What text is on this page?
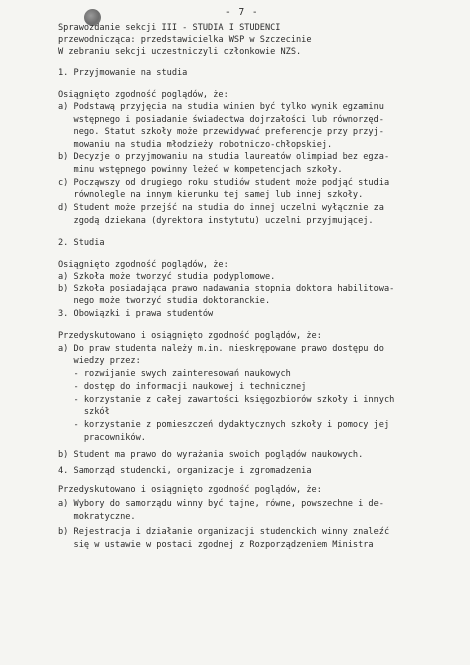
- 7 -
Sprawozdanie sekcji III - STUDIA I STUDENCI
przewodnicząca: przedstawicielka WSP w Szczecinie
W zebraniu sekcji uczestniczyli członkowie NZS.
1. Przyjmowanie na studia
Osiągnięto zgodność poglądów, że:
a) Podstawą przyjęcia na studia winien być tylko wynik egzaminu
wstępnego i posiadanie świadectwa dojrzałości lub równorzęd-
nego. Statut szkoły może przewidywać preferencje przy przyj-
mowaniu na studia młodzieży robotniczo-chłopskiej.
b) Decyzje o przyjmowaniu na studia laureatów olimpiad bez egza-
minu wstępnego powinny leżeć w kompetencjach szkoły.
c) Począwszy od drugiego roku studiów student może podjąć studia
równolegle na innym kierunku tej samej lub innej szkoły.
d) Student może przejść na studia do innej uczelni wyłącznie za
zgodą dziekana (dyrektora instytutu) uczelni przyjmującej.
2. Studia
Osiągnięto zgodność poglądów, że:
a) Szkoła może tworzyć studia podyplomowe.
b) Szkoła posiadająca prawo nadawania stopnia doktora habilitowa-
nego może tworzyć studia doktoranckie.
3. Obowiązki i prawa studentów
Przedyskutowano i osiągnięto zgodność poglądów, że:
a) Do praw studenta należy m.in. nieskrępowane prawo dostępu do
wiedzy przez:
- rozwijanie swych zainteresowań naukowych
- dostęp do informacji naukowej i technicznej
- korzystanie z całej zawartości księgozbiorów szkoły i innych
szkół
- korzystanie z pomieszczeń dydaktycznych szkoły i pomocy jej
pracowników.
b) Student ma prawo do wyrażania swoich poglądów naukowych.
4. Samorząd studencki, organizacje i zgromadzenia
Przedyskutowano i osiągnięto zgodność poglądów, że:
a) Wybory do samorządu winny być tajne, równe, powszechne i de-
mokratyczne.
b) Rejestracja i działanie organizacji studenckich winny znaleźć
się w ustawie w postaci zgodnej z Rozporządzeniem Ministra
